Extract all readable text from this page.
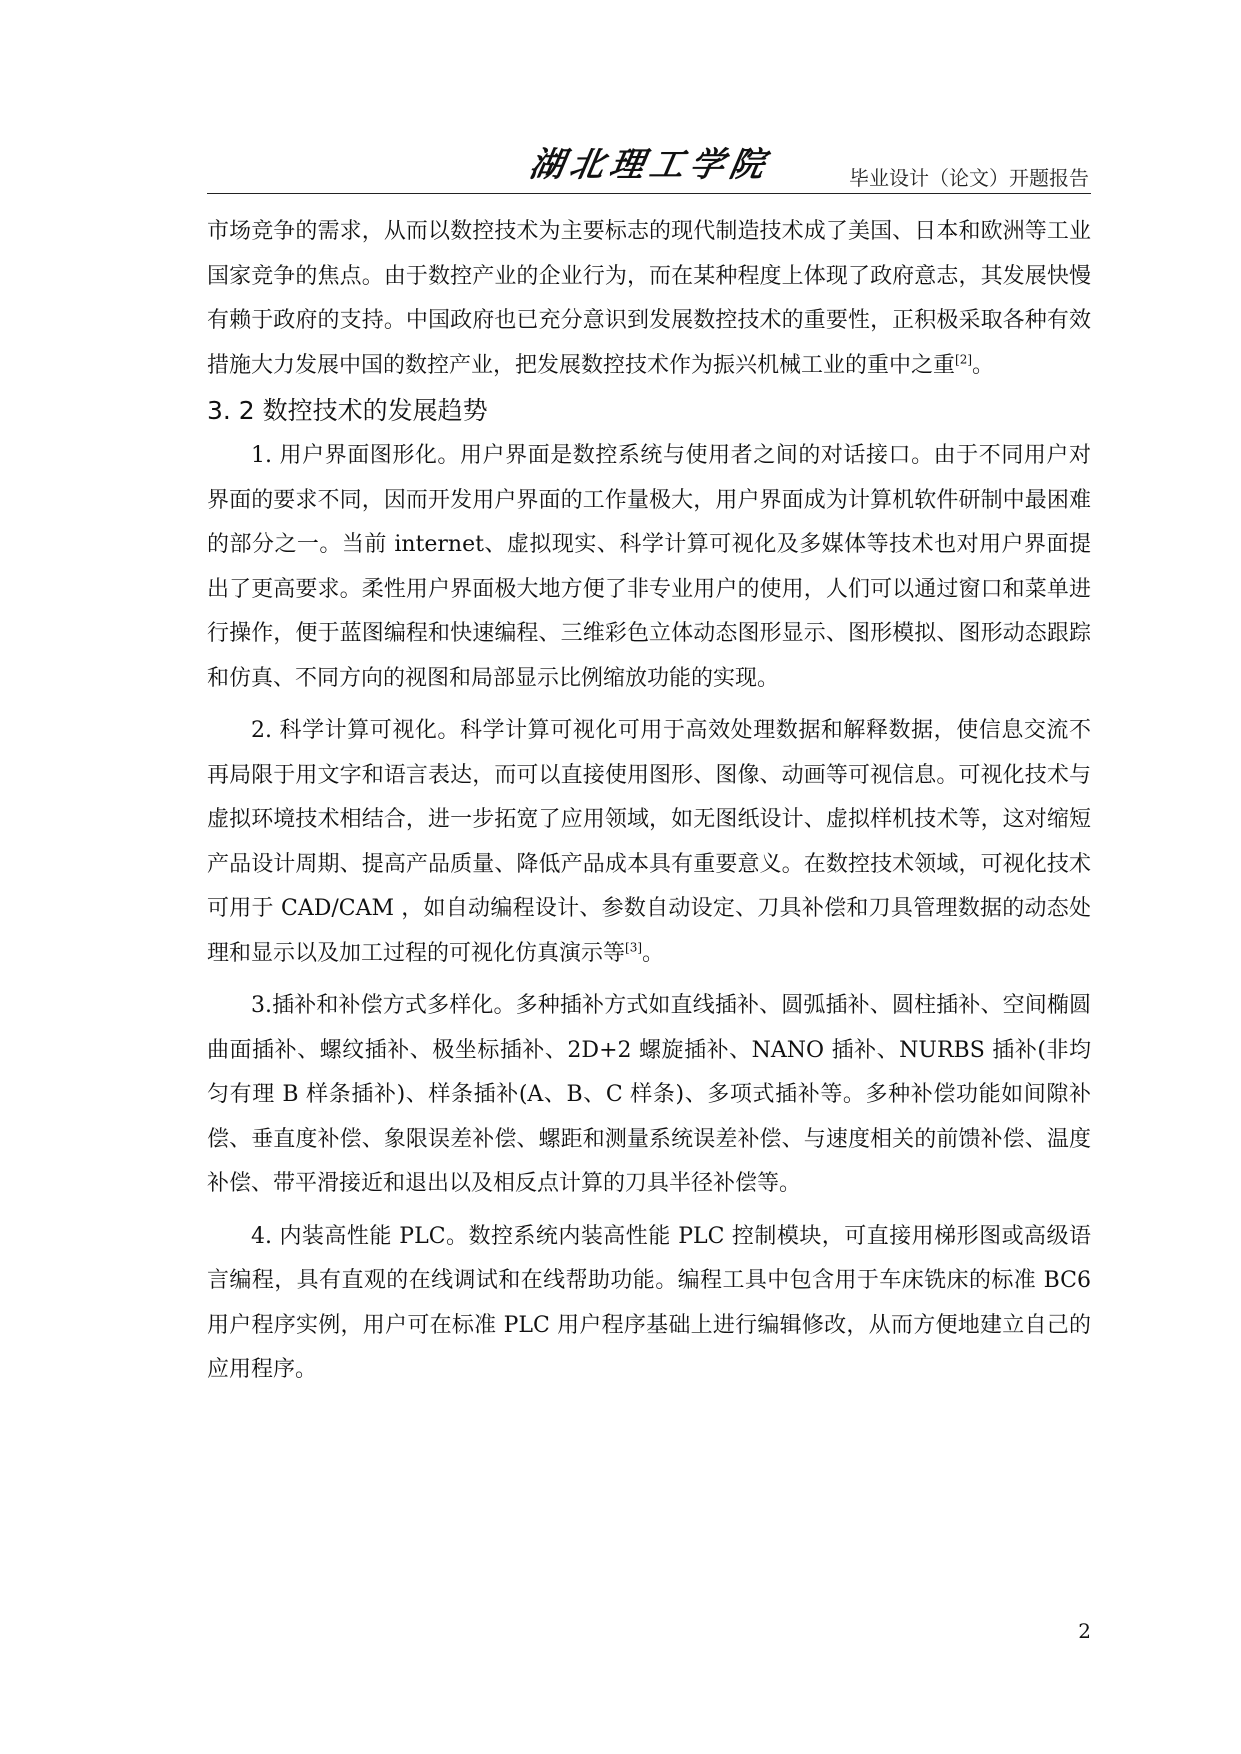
湖北理工学院	毕业设计（论文）开题报告

市场竞争的需求，从而以数控技术为主要标志的现代制造技术成了美国、日本和欧洲等工业国家竞争的焦点。由于数控产业的企业行为，而在某种程度上体现了政府意志，其发展快慢有赖于政府的支持。中国政府也已充分意识到发展数控技术的重要性，正积极采取各种有效措施大力发展中国的数控产业，把发展数控技术作为振兴机械工业的重中之重[2]。

3. 2 数控技术的发展趋势

1. 用户界面图形化。用户界面是数控系统与使用者之间的对话接口。由于不同用户对界面的要求不同，因而开发用户界面的工作量极大，用户界面成为计算机软件研制中最困难的部分之一。当前 internet、虚拟现实、科学计算可视化及多媒体等技术也对用户界面提出了更高要求。柔性用户界面极大地方便了非专业用户的使用，人们可以通过窗口和菜单进行操作，便于蓝图编程和快速编程、三维彩色立体动态图形显示、图形模拟、图形动态跟踪和仿真、不同方向的视图和局部显示比例缩放功能的实现。

2. 科学计算可视化。科学计算可视化可用于高效处理数据和解释数据，使信息交流不再局限于用文字和语言表达，而可以直接使用图形、图像、动画等可视信息。可视化技术与虚拟环境技术相结合，进一步拓宽了应用领域，如无图纸设计、虚拟样机技术等，这对缩短产品设计周期、提高产品质量、降低产品成本具有重要意义。在数控技术领域，可视化技术可用于 CAD/CAM ，如自动编程设计、参数自动设定、刀具补偿和刀具管理数据的动态处理和显示以及加工过程的可视化仿真演示等[3]。

3.插补和补偿方式多样化。多种插补方式如直线插补、圆弧插补、圆柱插补、空间椭圆曲面插补、螺纹插补、极坐标插补、2D+2 螺旋插补、NANO 插补、NURBS 插补(非均匀有理 B 样条插补)、样条插补(A、B、C 样条)、多项式插补等。多种补偿功能如间隙补偿、垂直度补偿、象限误差补偿、螺距和测量系统误差补偿、与速度相关的前馈补偿、温度补偿、带平滑接近和退出以及相反点计算的刀具半径补偿等。

4. 内装高性能 PLC。数控系统内装高性能 PLC 控制模块，可直接用梯形图或高级语言编程，具有直观的在线调试和在线帮助功能。编程工具中包含用于车床铣床的标准 BC6 用户程序实例，用户可在标准 PLC 用户程序基础上进行编辑修改，从而方便地建立自己的应用程序。

2
